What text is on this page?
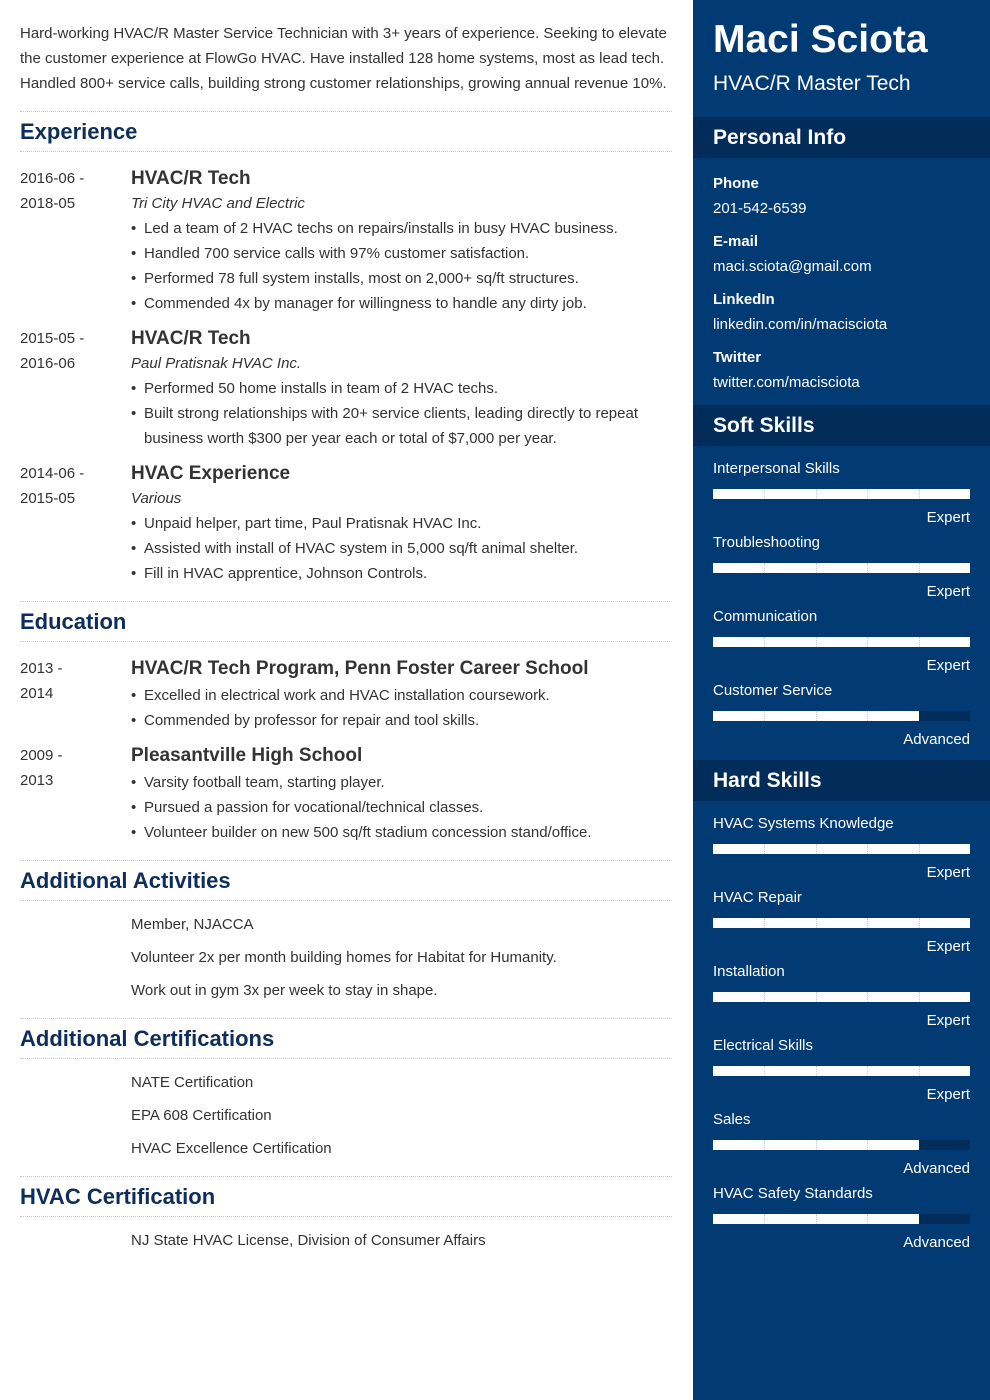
Hard-working HVAC/R Master Service Technician with 3+ years of experience. Seeking to elevate the customer experience at FlowGo HVAC. Have installed 128 home systems, most as lead tech. Handled 800+ service calls, building strong customer relationships, growing annual revenue 10%.

Experience
2016-06 -
2018-05
HVAC/R Tech
Tri City HVAC and Electric
• Led a team of 2 HVAC techs on repairs/installs in busy HVAC business.
• Handled 700 service calls with 97% customer satisfaction.
• Performed 78 full system installs, most on 2,000+ sq/ft structures.
• Commended 4x by manager for willingness to handle any dirty job.
2015-05 -
2016-06
HVAC/R Tech
Paul Pratisnak HVAC Inc.
• Performed 50 home installs in team of 2 HVAC techs.
• Built strong relationships with 20+ service clients, leading directly to repeat business worth $300 per year each or total of $7,000 per year.
2014-06 -
2015-05
HVAC Experience
Various
• Unpaid helper, part time, Paul Pratisnak HVAC Inc.
• Assisted with install of HVAC system in 5,000 sq/ft animal shelter.
• Fill in HVAC apprentice, Johnson Controls.
Education
2013 -
2014
HVAC/R Tech Program, Penn Foster Career School
• Excelled in electrical work and HVAC installation coursework.
• Commended by professor for repair and tool skills.
2009 -
2013
Pleasantville High School
• Varsity football team, starting player.
• Pursued a passion for vocational/technical classes.
• Volunteer builder on new 500 sq/ft stadium concession stand/office.
Additional Activities
Member, NJACCA
Volunteer 2x per month building homes for Habitat for Humanity.
Work out in gym 3x per week to stay in shape.
Additional Certifications
NATE Certification
EPA 608 Certification
HVAC Excellence Certification
HVAC Certification
NJ State HVAC License, Division of Consumer Affairs
Maci Sciota
HVAC/R Master Tech
Personal Info
Phone
201-542-6539
E-mail
maci.sciota@gmail.com
LinkedIn
linkedin.com/in/macisciota
Twitter
twitter.com/macisciota
Soft Skills
Interpersonal Skills
Expert
Troubleshooting
Expert
Communication
Expert
Customer Service
Advanced
Hard Skills
HVAC Systems Knowledge
Expert
HVAC Repair
Expert
Installation
Expert
Electrical Skills
Expert
Sales
Advanced
HVAC Safety Standards
Advanced
